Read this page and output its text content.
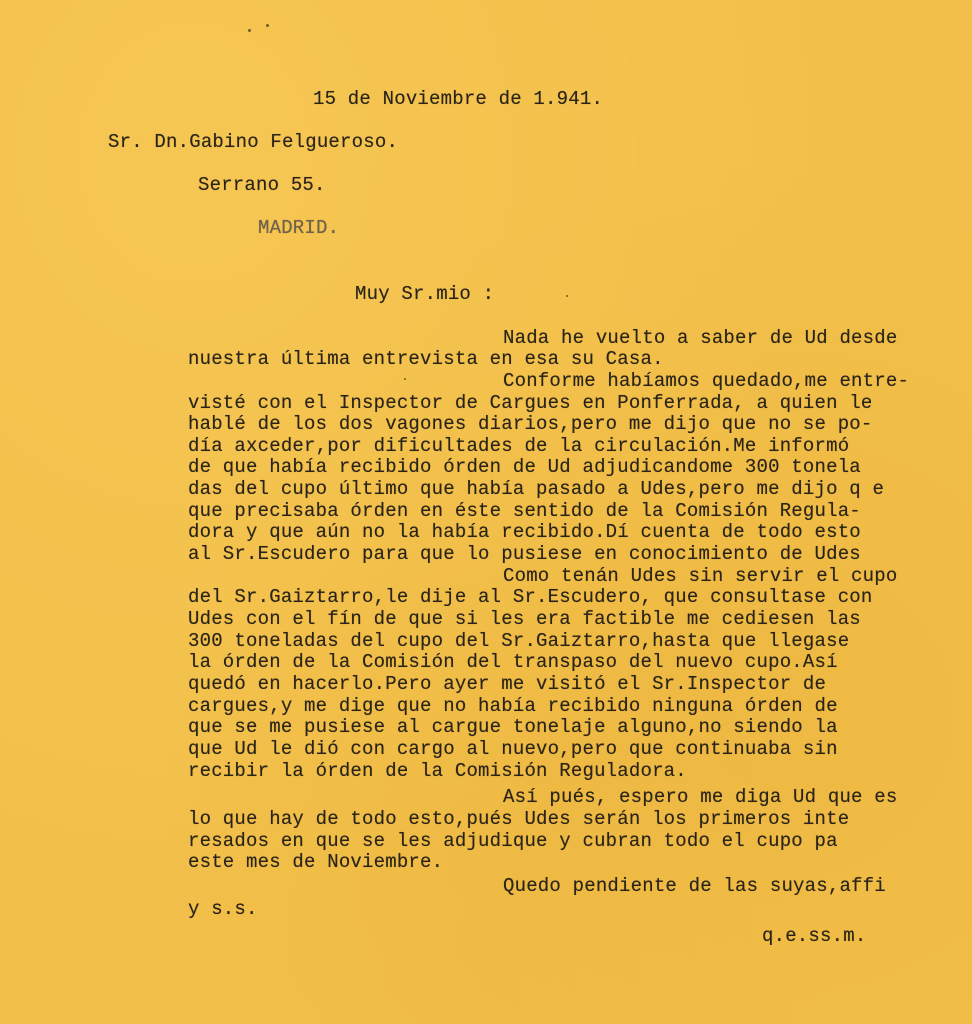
15 de Noviembre de 1.941.
Sr. Dn.Gabino Felgueroso.
Serrano 55.
MADRID.
Muy Sr.mio :
Nada he vuelto a saber de Ud desde
nuestra última entrevista en esa su Casa.
Conforme habíamos quedado,me entre-
visté con el Inspector de Cargues en Ponferrada, a quien le
hablé de los dos vagones diarios,pero me dijo que no se po-
día axceder,por dificultades de la circulación.Me informó
de que había recibido órden de Ud adjudicandome 300 tonela
das del cupo último que había pasado a Udes,pero me dijo q e
que precisaba órden en éste sentido de la Comisión Regula-
dora y que aún no la había recibido.Dí cuenta de todo esto
al Sr.Escudero para que lo pusiese en conocimiento de Udes
Como tenán Udes sin servir el cupo
del Sr.Gaiztarro,le dije al Sr.Escudero, que consultase con
Udes con el fín de que si les era factible me cediesen las
300 toneladas del cupo del Sr.Gaiztarro,hasta que llegase
la órden de la Comisión del transpaso del nuevo cupo.Así
quedó en hacerlo.Pero ayer me visitó el Sr.Inspector de
cargues,y me dige que no había recibido ninguna órden de
que se me pusiese al cargue tonelaje alguno,no siendo la
que Ud le dió con cargo al nuevo,pero que continuaba sin
recibir la órden de la Comisión Reguladora.
Así pués, espero me diga Ud que es
lo que hay de todo esto,pués Udes serán los primeros inte
resados en que se les adjudique y cubran todo el cupo pa
este mes de Noviembre.
Quedo pendiente de las suyas,affi
y s.s.
q.e.ss.m.
